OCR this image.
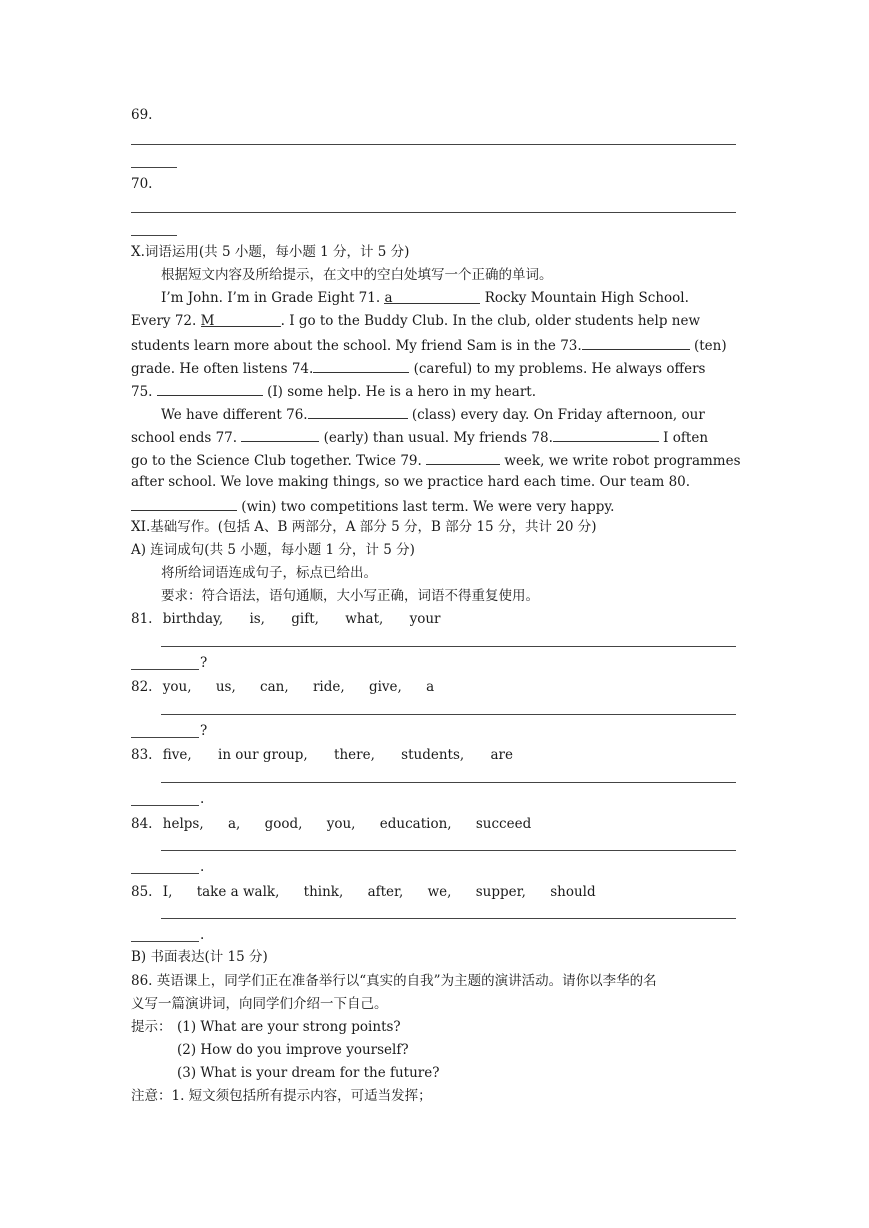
69.
70.
X.词语运用(共 5 小题，每小题 1 分，计 5 分)
根据短文内容及所给提示，在文中的空白处填写一个正确的单词。
I’m John. I’m in Grade Eight 71. a	Rocky Mountain High School.
Every 72. M	. I go to the Buddy Club. In the club, older students help new
students learn more about the school. My friend Sam is in the 73.	(ten)
grade. He often listens 74.	(careful) to my problems. He always offers
75.	(I) some help. He is a hero in my heart.
We have different 76.	(class) every day. On Friday afternoon, our
school ends 77.	(early) than usual. My friends 78.	I often
go to the Science Club together. Twice 79.	week, we write robot programmes
after school. We love making things, so we practice hard each time. Our team 80.
(win) two competitions last term. We were very happy.
XI.基础写作。(包括 A、B 两部分，A 部分 5 分，B 部分 15 分，共计 20 分)
A) 连词成句(共 5 小题，每小题 1 分，计 5 分)
将所给词语连成句子，标点已给出。
要求：符合语法，语句通顺，大小写正确，词语不得重复使用。
81. birthday, is, gift, what, your
?
82. you, us, can, ride, give, a
?
83. five, in our group, there, students, are
.
84. helps, a, good, you, education, succeed
.
85. I, take a walk, think, after, we, supper, should
.
B) 书面表达(计 15 分)
86. 英语课上，同学们正在准备举行以“真实的自我”为主题的演讲活动。请你以李华的名
义写一篇演讲词，向同学们介绍一下自己。
提示： (1) What are your strong points?
(2) How do you improve yourself?
(3) What is your dream for the future?
注意：1. 短文须包括所有提示内容，可适当发挥；
